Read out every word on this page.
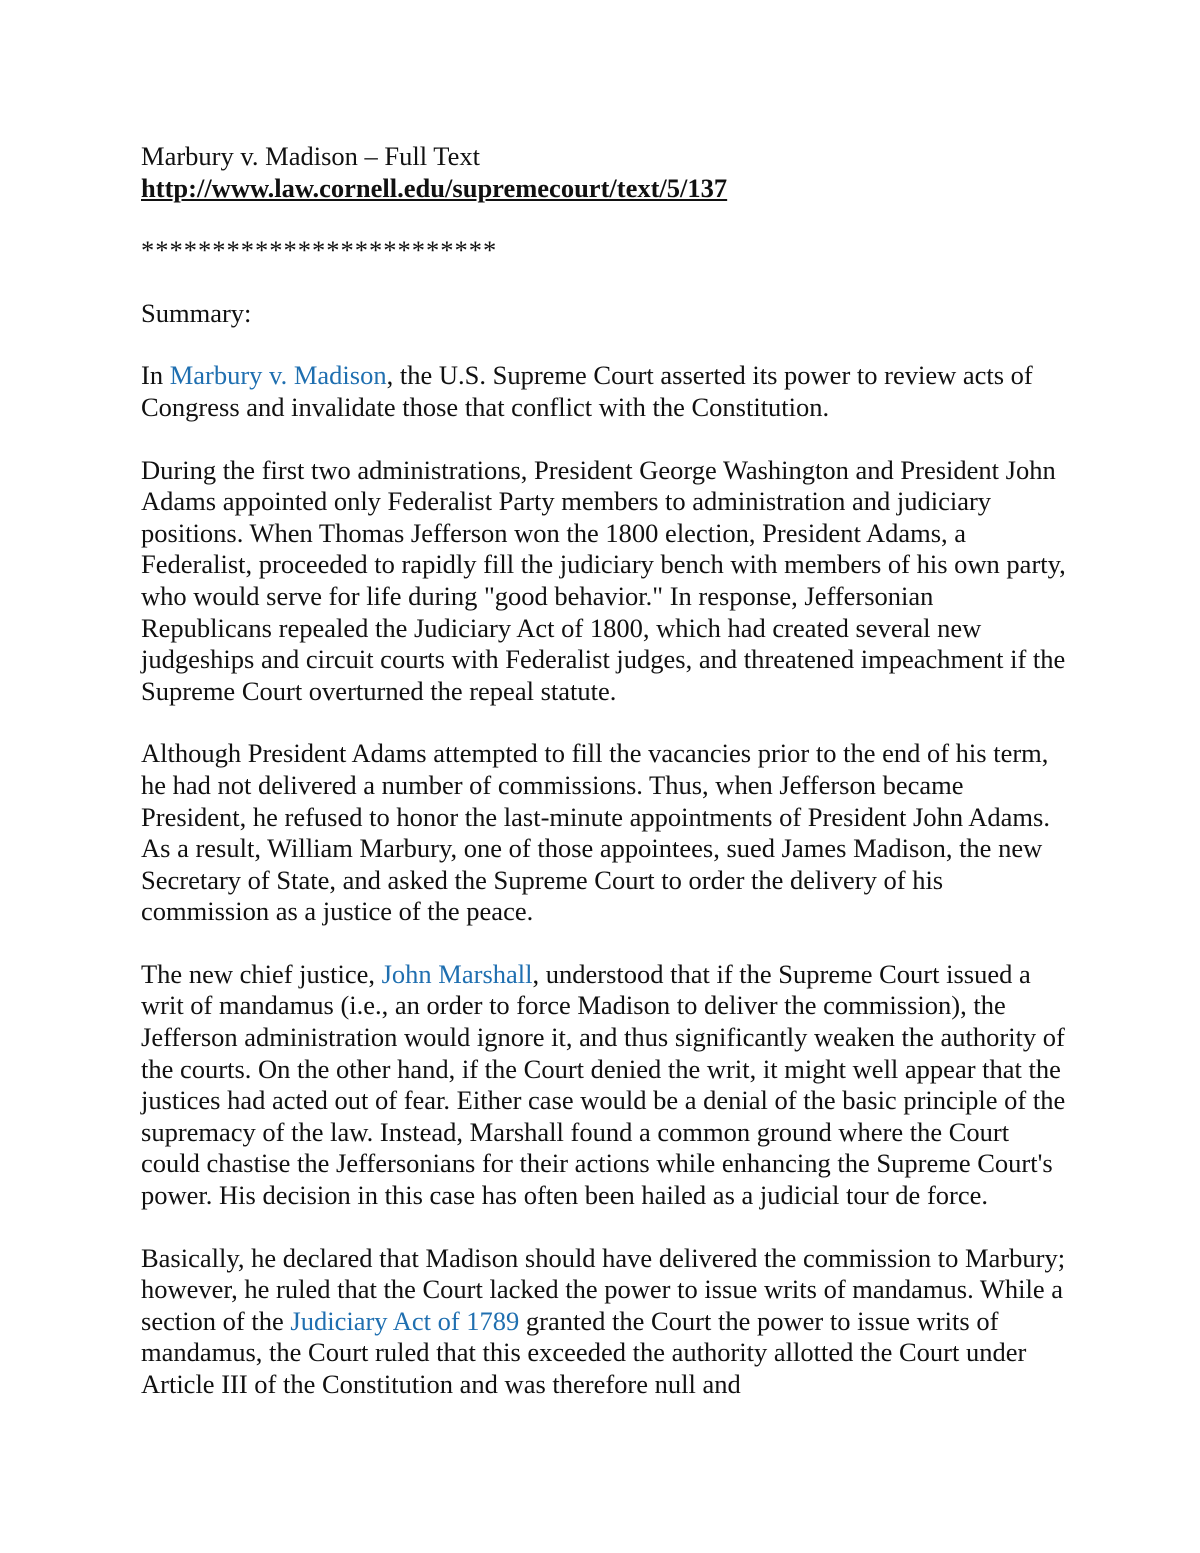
Marbury v. Madison – Full Text
http://www.law.cornell.edu/supremecourt/text/5/137
*************************
Summary:

In Marbury v. Madison, the U.S. Supreme Court asserted its power to review acts of Congress and invalidate those that conflict with the Constitution.

During the first two administrations, President George Washington and President John Adams appointed only Federalist Party members to administration and judiciary positions. When Thomas Jefferson won the 1800 election, President Adams, a Federalist, proceeded to rapidly fill the judiciary bench with members of his own party, who would serve for life during "good behavior." In response, Jeffersonian Republicans repealed the Judiciary Act of 1800, which had created several new judgeships and circuit courts with Federalist judges, and threatened impeachment if the Supreme Court overturned the repeal statute.

Although President Adams attempted to fill the vacancies prior to the end of his term, he had not delivered a number of commissions. Thus, when Jefferson became President, he refused to honor the last-minute appointments of President John Adams. As a result, William Marbury, one of those appointees, sued James Madison, the new Secretary of State, and asked the Supreme Court to order the delivery of his commission as a justice of the peace.

The new chief justice, John Marshall, understood that if the Supreme Court issued a writ of mandamus (i.e., an order to force Madison to deliver the commission), the Jefferson administration would ignore it, and thus significantly weaken the authority of the courts. On the other hand, if the Court denied the writ, it might well appear that the justices had acted out of fear. Either case would be a denial of the basic principle of the supremacy of the law. Instead, Marshall found a common ground where the Court could chastise the Jeffersonians for their actions while enhancing the Supreme Court's power. His decision in this case has often been hailed as a judicial tour de force.

Basically, he declared that Madison should have delivered the commission to Marbury; however, he ruled that the Court lacked the power to issue writs of mandamus. While a section of the Judiciary Act of 1789 granted the Court the power to issue writs of mandamus, the Court ruled that this exceeded the authority allotted the Court under Article III of the Constitution and was therefore null and
